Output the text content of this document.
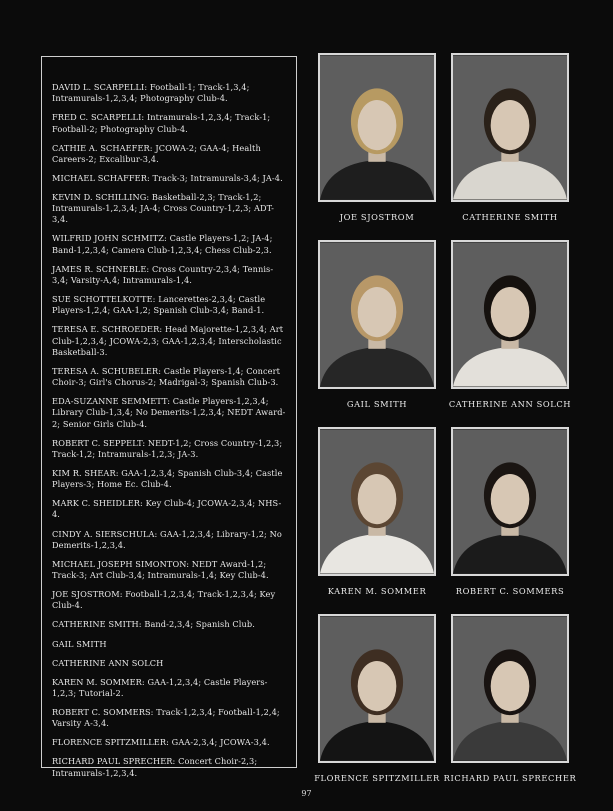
DAVID L. SCARPELLI: Football-1; Track-1,3,4; Intramurals-1,2,3,4; Photography Club-4.

FRED C. SCARPELLI: Intramurals-1,2,3,4; Track-1; Football-2; Photography Club-4.

CATHIE A. SCHAEFER: JCOWA-2; GAA-4; Health Careers-2; Excalibur-3,4.

MICHAEL SCHAFFER: Track-3; Intramurals-3,4; JA-4.

KEVIN D. SCHILLING: Basketball-2,3; Track-1,2; Intramurals-1,2,3,4; JA-4; Cross Country-1,2,3; ADT-3,4.

WILFRID JOHN SCHMITZ: Castle Players-1,2; JA-4; Band-1,2,3,4; Camera Club-1,2,3,4; Chess Club-2,3.

JAMES R. SCHNEBLE: Cross Country-2,3,4; Tennis-3,4; Varsity-A,4; Intramurals-1,4.

SUE SCHOTTELKOTTE: Lancerettes-2,3,4; Castle Players-1,2,4; GAA-1,2; Spanish Club-3,4; Band-1.

TERESA E. SCHROEDER: Head Majorette-1,2,3,4; Art Club-1,2,3,4; JCOWA-2,3; GAA-1,2,3,4; Interscholastic Basketball-3.

TERESA A. SCHUBELER: Castle Players-1,4; Concert Choir-3; Girl's Chorus-2; Madrigal-3; Spanish Club-3.

EDA-SUZANNE SEMMETT: Castle Players-1,2,3,4; Library Club-1,3,4; No Demerits-1,2,3,4; NEDT Award-2; Senior Girls Club-4.

ROBERT C. SEPPELT: NEDT-1,2; Cross Country-1,2,3; Track-1,2; Intramurals-1,2,3; JA-3.

KIM R. SHEAR: GAA-1,2,3,4; Spanish Club-3,4; Castle Players-3; Home Ec. Club-4.

MARK C. SHEIDLER: Key Club-4; JCOWA-2,3,4; NHS-4.

CINDY A. SIERSCHULA: GAA-1,2,3,4; Library-1,2; No Demerits-1,2,3,4.

MICHAEL JOSEPH SIMONTON: NEDT Award-1,2; Track-3; Art Club-3,4; Intramurals-1,4; Key Club-4.

JOE SJOSTROM: Football-1,2,3,4; Track-1,2,3,4; Key Club-4.

CATHERINE SMITH: Band-2,3,4; Spanish Club.

GAIL SMITH

CATHERINE ANN SOLCH

KAREN M. SOMMER: GAA-1,2,3,4; Castle Players-1,2,3; Tutorial-2.

ROBERT C. SOMMERS: Track-1,2,3,4; Football-1,2,4; Varsity A-3,4.

FLORENCE SPITZMILLER: GAA-2,3,4; JCOWA-3,4.

RICHARD PAUL SPRECHER: Concert Choir-2,3; Intramurals-1,2,3,4.

JOE SJOSTROM	CATHERINE SMITH
GAIL SMITH	CATHERINE ANN SOLCH
KAREN M. SOMMER	ROBERT C. SOMMERS
FLORENCE SPITZMILLER RICHARD PAUL SPRECHER
97
